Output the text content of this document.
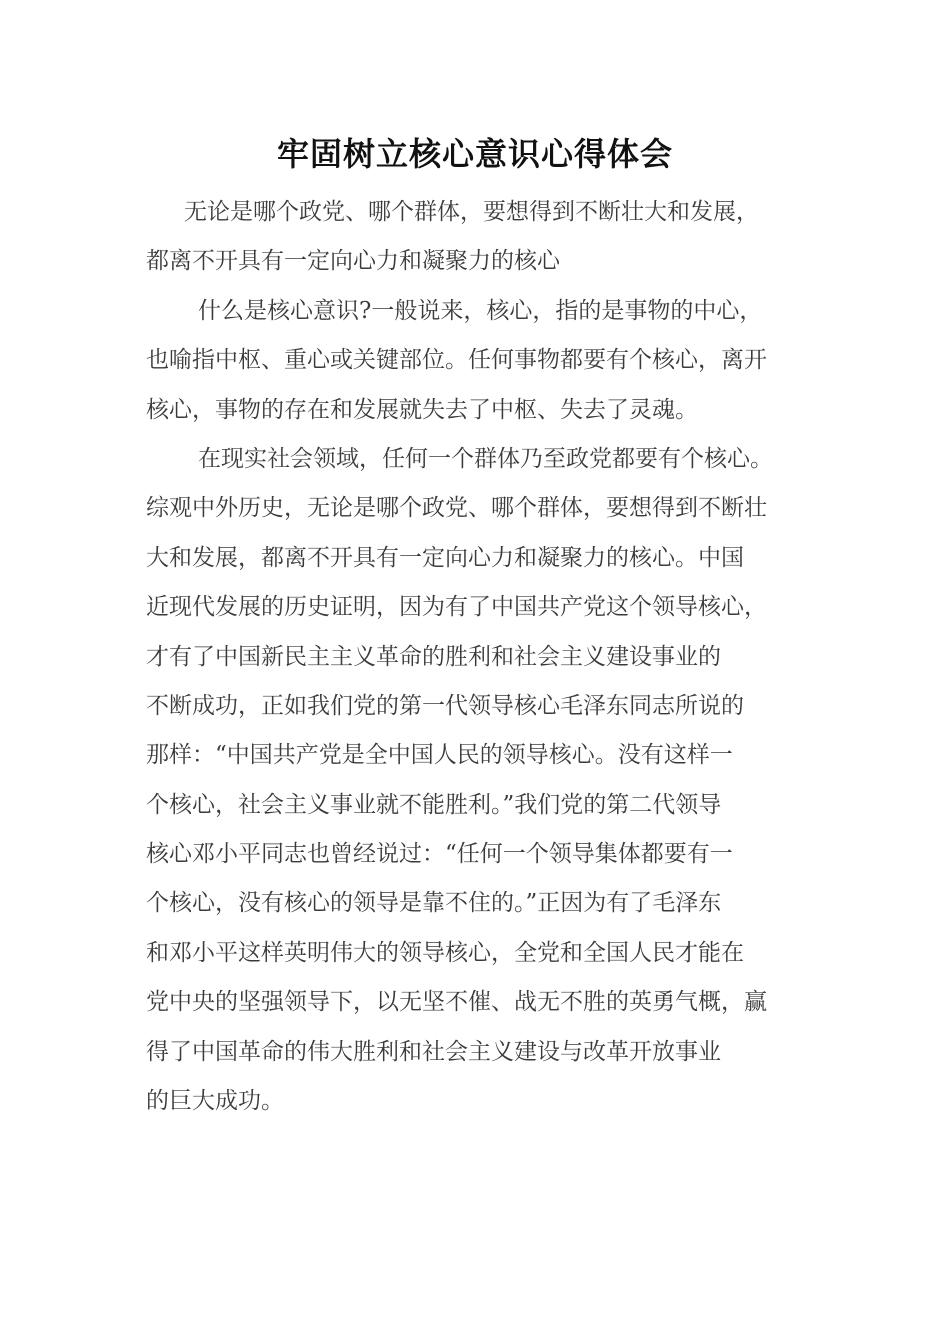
牢固树立核心意识心得体会
无论是哪个政党、哪个群体，要想得到不断壮大和发展，
都离不开具有一定向心力和凝聚力的核心
什么是核心意识?一般说来，核心，指的是事物的中心，
也喻指中枢、重心或关键部位。任何事物都要有个核心，离开
核心，事物的存在和发展就失去了中枢、失去了灵魂。
在现实社会领域，任何一个群体乃至政党都要有个核心。
综观中外历史，无论是哪个政党、哪个群体，要想得到不断壮
大和发展，都离不开具有一定向心力和凝聚力的核心。中国
近现代发展的历史证明，因为有了中国共产党这个领导核心，
才有了中国新民主主义革命的胜利和社会主义建设事业的
不断成功，正如我们党的第一代领导核心毛泽东同志所说的
那样：“中国共产党是全中国人民的领导核心。没有这样一
个核心，社会主义事业就不能胜利。”我们党的第二代领导
核心邓小平同志也曾经说过：“任何一个领导集体都要有一
个核心，没有核心的领导是靠不住的。”正因为有了毛泽东
和邓小平这样英明伟大的领导核心，全党和全国人民才能在
党中央的坚强领导下，以无坚不催、战无不胜的英勇气概，赢
得了中国革命的伟大胜利和社会主义建设与改革开放事业
的巨大成功。
